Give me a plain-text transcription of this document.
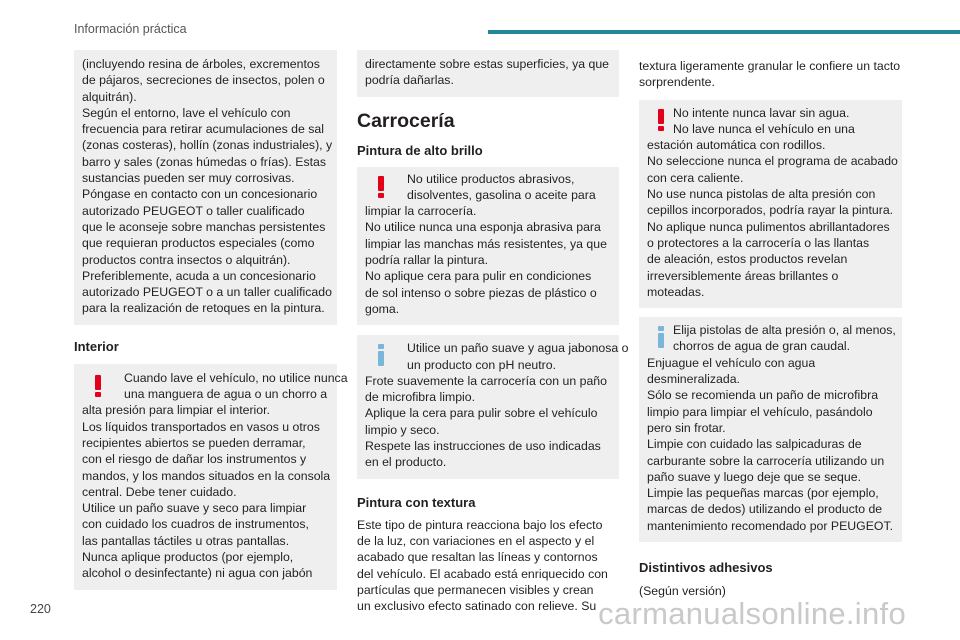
Información práctica
(incluyendo resina de árboles, excrementos
de pájaros, secreciones de insectos, polen o
alquitrán).
Según el entorno, lave el vehículo con
frecuencia para retirar acumulaciones de sal
(zonas costeras), hollín (zonas industriales), y
barro y sales (zonas húmedas o frías). Estas
sustancias pueden ser muy corrosivas.
Póngase en contacto con un concesionario
autorizado PEUGEOT o taller cualificado
que le aconseje sobre manchas persistentes
que requieran productos especiales (como
productos contra insectos o alquitrán).
Preferiblemente, acuda a un concesionario
autorizado PEUGEOT o a un taller cualificado
para la realización de retoques en la pintura.
Interior
Cuando lave el vehículo, no utilice nunca
una manguera de agua o un chorro a
alta presión para limpiar el interior.
Los líquidos transportados en vasos u otros
recipientes abiertos se pueden derramar,
con el riesgo de dañar los instrumentos y
mandos, y los mandos situados en la consola
central. Debe tener cuidado.
Utilice un paño suave y seco para limpiar
con cuidado los cuadros de instrumentos,
las pantallas táctiles u otras pantallas.
Nunca aplique productos (por ejemplo,
alcohol o desinfectante) ni agua con jabón
directamente sobre estas superficies, ya que
podría dañarlas.
Carrocería
Pintura de alto brillo
No utilice productos abrasivos,
disolventes, gasolina o aceite para
limpiar la carrocería.
No utilice nunca una esponja abrasiva para
limpiar las manchas más resistentes, ya que
podría rallar la pintura.
No aplique cera para pulir en condiciones
de sol intenso o sobre piezas de plástico o
goma.
Utilice un paño suave y agua jabonosa o
un producto con pH neutro.
Frote suavemente la carrocería con un paño
de microfibra limpio.
Aplique la cera para pulir sobre el vehículo
limpio y seco.
Respete las instrucciones de uso indicadas
en el producto.
Pintura con textura
Este tipo de pintura reacciona bajo los efecto
de la luz, con variaciones en el aspecto y el
acabado que resaltan las líneas y contornos
del vehículo. El acabado está enriquecido con
partículas que permanecen visibles y crean
un exclusivo efecto satinado con relieve. Su
textura ligeramente granular le confiere un tacto
sorprendente.
No intente nunca lavar sin agua.
No lave nunca el vehículo en una
estación automática con rodillos.
No seleccione nunca el programa de acabado
con cera caliente.
No use nunca pistolas de alta presión con
cepillos incorporados, podría rayar la pintura.
No aplique nunca pulimentos abrillantadores
o protectores a la carrocería o las llantas
de aleación, estos productos revelan
irreversiblemente áreas brillantes o
moteadas.
Elija pistolas de alta presión o, al menos,
chorros de agua de gran caudal.
Enjuague el vehículo con agua
desmineralizada.
Sólo se recomienda un paño de microfibra
limpio para limpiar el vehículo, pasándolo
pero sin frotar.
Limpie con cuidado las salpicaduras de
carburante sobre la carrocería utilizando un
paño suave y luego deje que se seque.
Limpie las pequeñas marcas (por ejemplo,
marcas de dedos) utilizando el producto de
mantenimiento recomendado por PEUGEOT.
Distintivos adhesivos
(Según versión)
220	carmanualsonline.info
